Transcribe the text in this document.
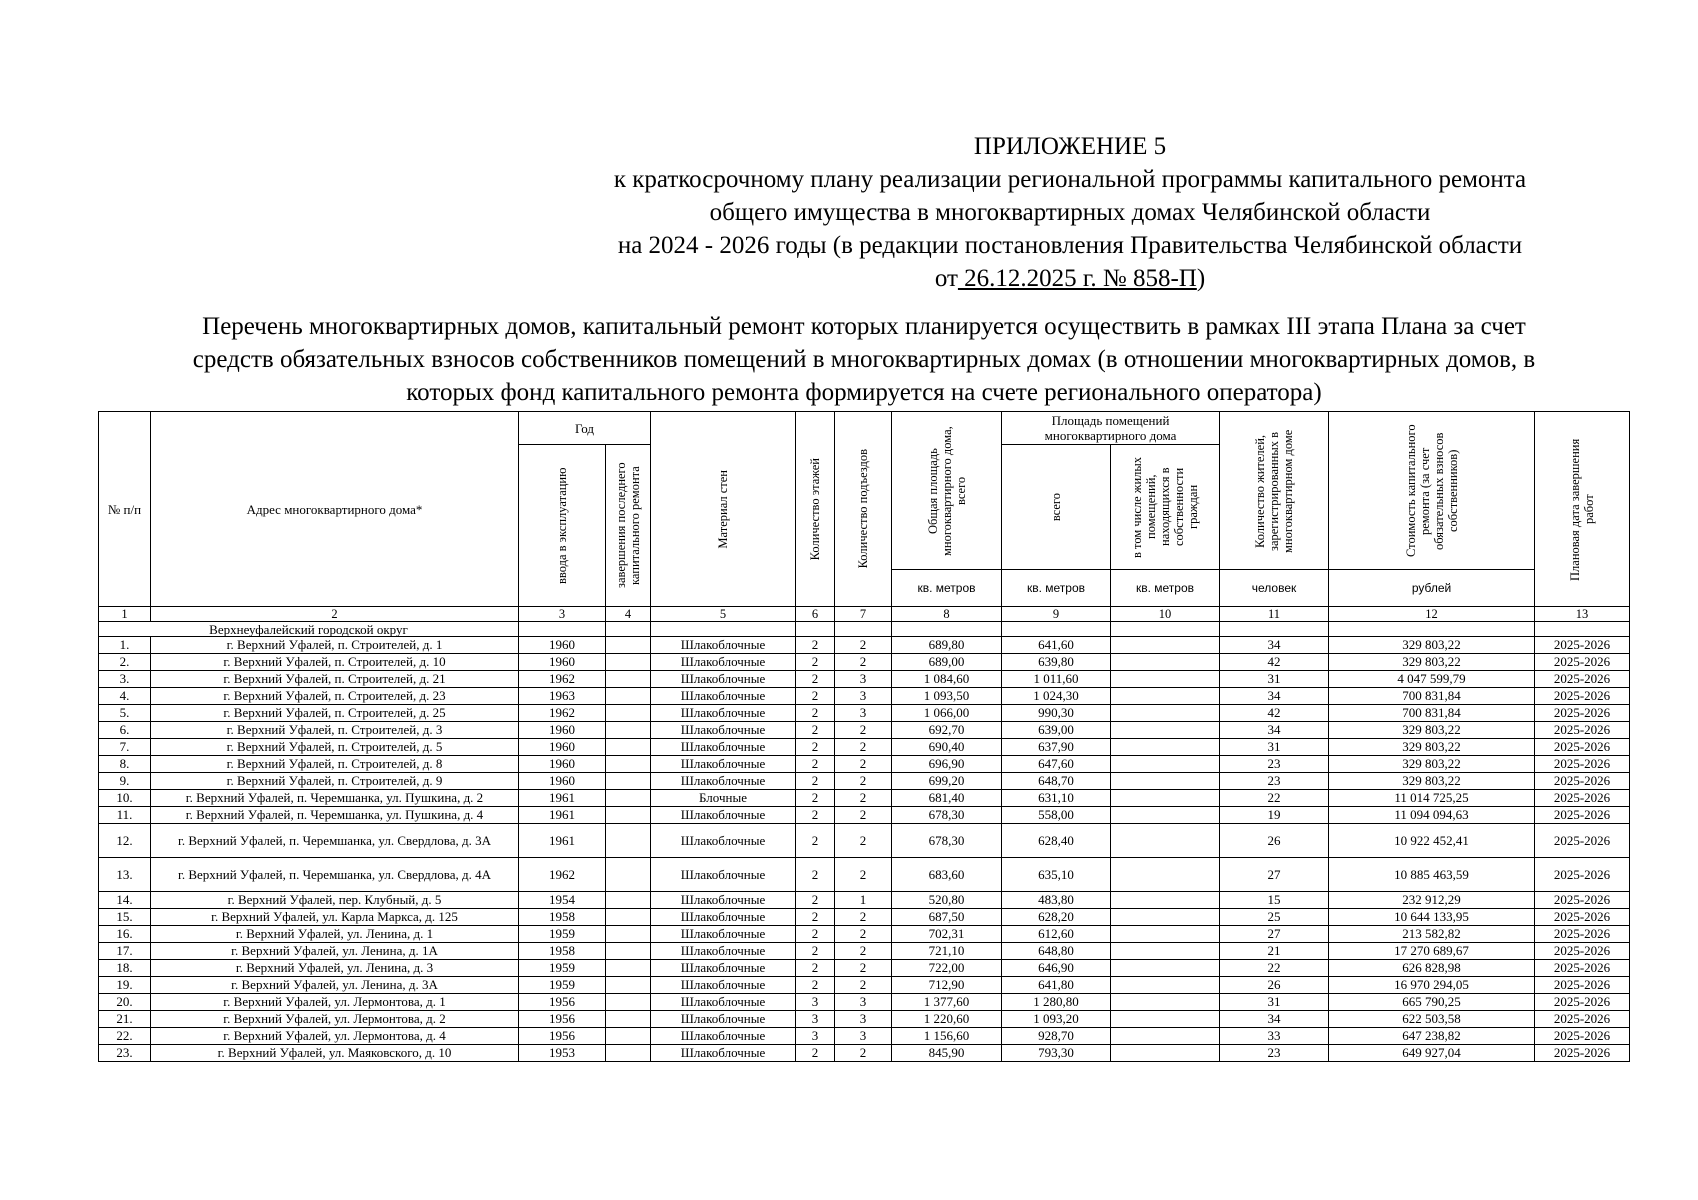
ПРИЛОЖЕНИЕ 5
к краткосрочному плану реализации региональной программы капитального ремонта
общего имущества в многоквартирных домах Челябинской области
на 2024 - 2026 годы (в редакции постановления Правительства Челябинской области
от 26.12.2025 г. № 858-П)
Перечень многоквартирных домов, капитальный ремонт которых планируется осуществить в рамках III этапа Плана за счет
средств обязательных взносов собственников помещений в многоквартирных домах (в отношении многоквартирных домов, в
которых фонд капитального ремонта формируется на счете регионального оператора)
№ п/п	Адрес многоквартирного дома*	Год		Материал стен	Количество этажей	Количество подъездов	Общая площадь многоквартирного дома, всего	Площадь помещений многоквартирного дома		Количество жителей, зарегистрированных в многоквартирном доме	Стоимость капитального ремонта (за счет обязательных взносов собственников)	Плановая дата завершения работ

		ввода в эксплуатацию	завершения последнего капитального ремонта					всего	в том числе жилых помещений, находящихся в собственности граждан			

							кв. метров	кв. метров	кв. метров	человек	рублей	
1	2	3	4	5	6	7	8	9	10	11	12	13
Верхнеуфалейский городской округ												
1.	г. Верхний Уфалей, п. Строителей, д. 1	1960		Шлакоблочные	2	2	689,80	641,60		34	329 803,22	2025-2026
2.	г. Верхний Уфалей, п. Строителей, д. 10	1960		Шлакоблочные	2	2	689,00	639,80		42	329 803,22	2025-2026
3.	г. Верхний Уфалей, п. Строителей, д. 21	1962		Шлакоблочные	2	3	1 084,60	1 011,60		31	4 047 599,79	2025-2026
4.	г. Верхний Уфалей, п. Строителей, д. 23	1963		Шлакоблочные	2	3	1 093,50	1 024,30		34	700 831,84	2025-2026
5.	г. Верхний Уфалей, п. Строителей, д. 25	1962		Шлакоблочные	2	3	1 066,00	990,30		42	700 831,84	2025-2026
6.	г. Верхний Уфалей, п. Строителей, д. 3	1960		Шлакоблочные	2	2	692,70	639,00		34	329 803,22	2025-2026
7.	г. Верхний Уфалей, п. Строителей, д. 5	1960		Шлакоблочные	2	2	690,40	637,90		31	329 803,22	2025-2026
8.	г. Верхний Уфалей, п. Строителей, д. 8	1960		Шлакоблочные	2	2	696,90	647,60		23	329 803,22	2025-2026
9.	г. Верхний Уфалей, п. Строителей, д. 9	1960		Шлакоблочные	2	2	699,20	648,70		23	329 803,22	2025-2026
10.	г. Верхний Уфалей, п. Черемшанка, ул. Пушкина, д. 2	1961		Блочные	2	2	681,40	631,10		22	11 014 725,25	2025-2026
11.	г. Верхний Уфалей, п. Черемшанка, ул. Пушкина, д. 4	1961		Шлакоблочные	2	2	678,30	558,00		19	11 094 094,63	2025-2026
12.	г. Верхний Уфалей, п. Черемшанка, ул. Свердлова, д. 3А	1961		Шлакоблочные	2	2	678,30	628,40		26	10 922 452,41	2025-2026
13.	г. Верхний Уфалей, п. Черемшанка, ул. Свердлова, д. 4А	1962		Шлакоблочные	2	2	683,60	635,10		27	10 885 463,59	2025-2026
14.	г. Верхний Уфалей, пер. Клубный, д. 5	1954		Шлакоблочные	2	1	520,80	483,80		15	232 912,29	2025-2026
15.	г. Верхний Уфалей, ул. Карла Маркса, д. 125	1958		Шлакоблочные	2	2	687,50	628,20		25	10 644 133,95	2025-2026
16.	г. Верхний Уфалей, ул. Ленина, д. 1	1959		Шлакоблочные	2	2	702,31	612,60		27	213 582,82	2025-2026
17.	г. Верхний Уфалей, ул. Ленина, д. 1А	1958		Шлакоблочные	2	2	721,10	648,80		21	17 270 689,67	2025-2026
18.	г. Верхний Уфалей, ул. Ленина, д. 3	1959		Шлакоблочные	2	2	722,00	646,90		22	626 828,98	2025-2026
19.	г. Верхний Уфалей, ул. Ленина, д. 3А	1959		Шлакоблочные	2	2	712,90	641,80		26	16 970 294,05	2025-2026
20.	г. Верхний Уфалей, ул. Лермонтова, д. 1	1956		Шлакоблочные	3	3	1 377,60	1 280,80		31	665 790,25	2025-2026
21.	г. Верхний Уфалей, ул. Лермонтова, д. 2	1956		Шлакоблочные	3	3	1 220,60	1 093,20		34	622 503,58	2025-2026
22.	г. Верхний Уфалей, ул. Лермонтова, д. 4	1956		Шлакоблочные	3	3	1 156,60	928,70		33	647 238,82	2025-2026
23.	г. Верхний Уфалей, ул. Маяковского, д. 10	1953		Шлакоблочные	2	2	845,90	793,30		23	649 927,04	2025-2026
